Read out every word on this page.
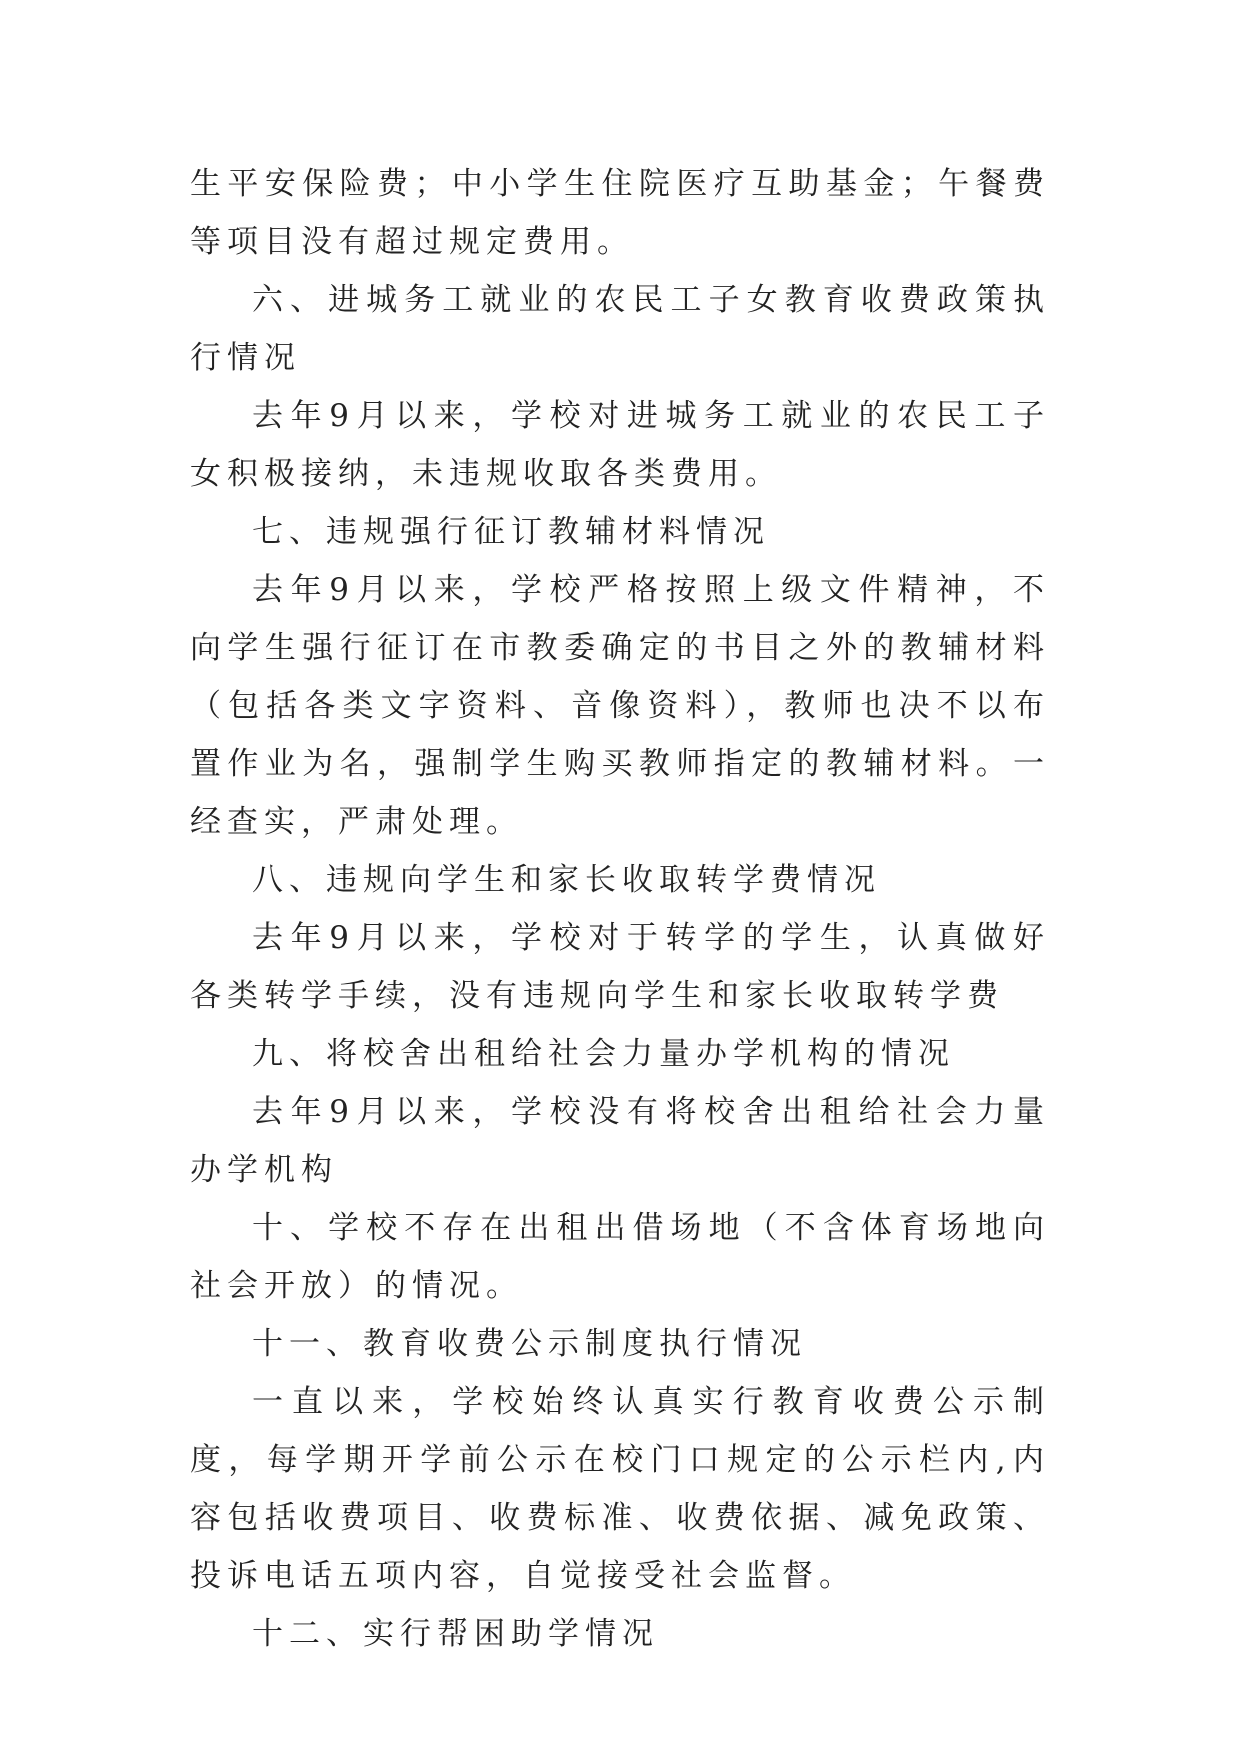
生平安保险费；中小学生住院医疗互助基金；午餐费等项目没有超过规定费用。

六、进城务工就业的农民工子女教育收费政策执行情况

去年9月以来，学校对进城务工就业的农民工子女积极接纳，未违规收取各类费用。

七、违规强行征订教辅材料情况

去年9月以来，学校严格按照上级文件精神，不向学生强行征订在市教委确定的书目之外的教辅材料（包括各类文字资料、音像资料），教师也决不以布置作业为名，强制学生购买教师指定的教辅材料。一经查实，严肃处理。

八、违规向学生和家长收取转学费情况

去年9月以来，学校对于转学的学生，认真做好各类转学手续，没有违规向学生和家长收取转学费

九、将校舍出租给社会力量办学机构的情况

去年9月以来，学校没有将校舍出租给社会力量办学机构

十、学校不存在出租出借场地（不含体育场地向社会开放）的情况。

十一、教育收费公示制度执行情况

一直以来，学校始终认真实行教育收费公示制度，每学期开学前公示在校门口规定的公示栏内,内容包括收费项目、收费标准、收费依据、减免政策、投诉电话五项内容，自觉接受社会监督。

十二、实行帮困助学情况
